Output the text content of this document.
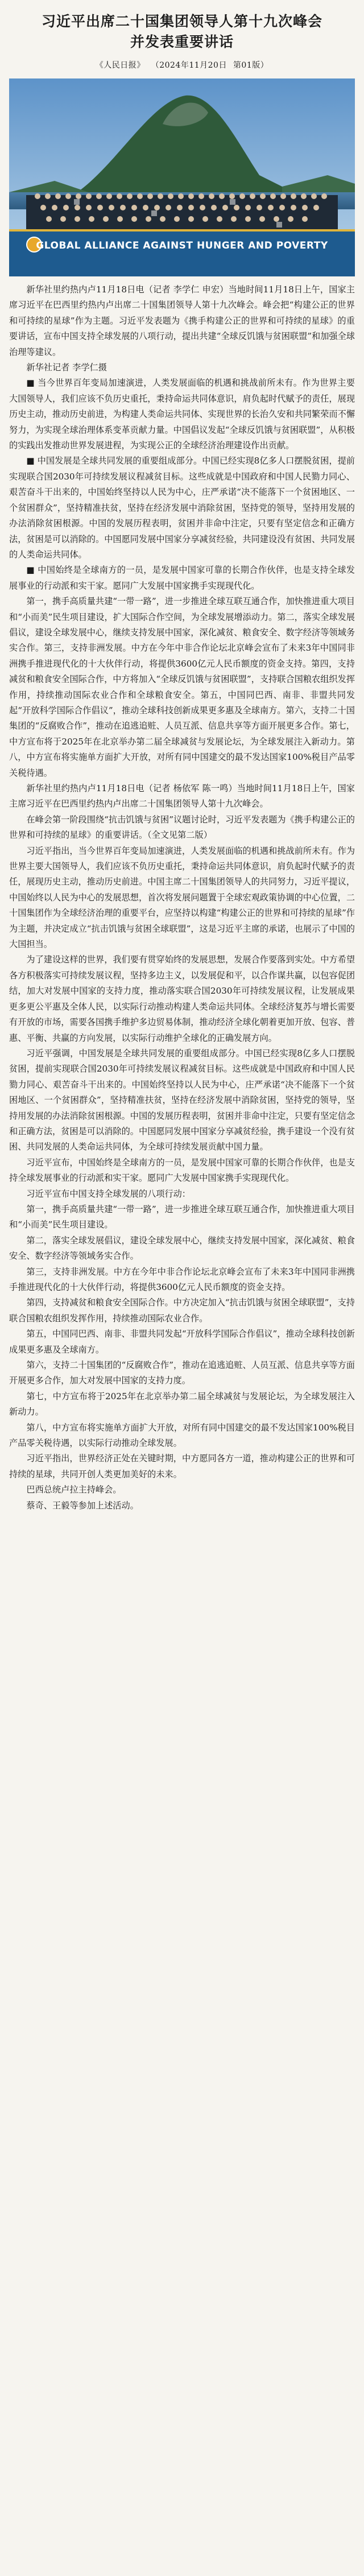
习近平出席二十国集团领导人第十九次峰会
并发表重要讲话
《人民日报》 （2024年11月20日 第01版）
GLOBAL ALLIANCE AGAINST HUNGER AND POVERTY

新华社里约热内卢11月18日电（记者 李学仁 申宏）当地时间11月18日上午，国家主席习近平在巴西里约热内卢出席二十国集团领导人第十九次峰会。峰会把“构建公正的世界和可持续的星球”作为主题。习近平发表题为《携手构建公正的世界和可持续的星球》的重要讲话，宣布中国支持全球发展的八项行动，提出共建“全球反饥饿与贫困联盟”和加强全球治理等建议。

新华社记者 李学仁摄

■ 当今世界百年变局加速演进，人类发展面临的机遇和挑战前所未有。作为世界主要大国领导人，我们应该不负历史重托，秉持命运共同体意识，肩负起时代赋予的责任，展现历史主动，推动历史前进，为构建人类命运共同体、实现世界的长治久安和共同繁荣而不懈努力，为实现全球治理体系变革贡献力量。中国倡议发起“全球反饥饿与贫困联盟”，从积极的实践出发推动世界发展进程，为实现公正的全球经济治理建设作出贡献。

■ 中国发展是全球共同发展的重要组成部分。中国已经实现8亿多人口摆脱贫困，提前实现联合国2030年可持续发展议程减贫目标。这些成就是中国政府和中国人民勠力同心、艰苦奋斗干出来的，中国始终坚持以人民为中心，庄严承诺“决不能落下一个贫困地区、一个贫困群众”，坚持精准扶贫，坚持在经济发展中消除贫困，坚持党的领导，坚持用发展的办法消除贫困根源。中国的发展历程表明，贫困并非命中注定，只要有坚定信念和正确方法，贫困是可以消除的。中国愿同发展中国家分享减贫经验，共同建设没有贫困、共同发展的人类命运共同体。

■ 中国始终是全球南方的一员，是发展中国家可靠的长期合作伙伴，也是支持全球发展事业的行动派和实干家。愿同广大发展中国家携手实现现代化。

第一，携手高质量共建“一带一路”，进一步推进全球互联互通合作，加快推进重大项目和“小而美”民生项目建设，扩大国际合作空间，为全球发展增添动力。第二，落实全球发展倡议，建设全球发展中心，继续支持发展中国家，深化减贫、粮食安全、数字经济等领域务实合作。第三，支持非洲发展。中方在今年中非合作论坛北京峰会宣布了未来3年中国同非洲携手推进现代化的十大伙伴行动，将提供3600亿元人民币额度的资金支持。第四，支持减贫和粮食安全国际合作，中方将加入“全球反饥饿与贫困联盟”，支持联合国粮农组织发挥作用，持续推动国际农业合作和全球粮食安全。第五，中国同巴西、南非、非盟共同发起“开放科学国际合作倡议”，推动全球科技创新成果更多惠及全球南方。第六，支持二十国集团的“反腐败合作”，推动在追逃追赃、人员互派、信息共享等方面开展更多合作。第七，中方宣布将于2025年在北京举办第二届全球减贫与发展论坛，为全球发展注入新动力。第八，中方宣布将实施单方面扩大开放，对所有同中国建交的最不发达国家100%税目产品零关税待遇。

新华社里约热内卢11月18日电（记者 杨依军 陈一鸣）当地时间11月18日上午，国家主席习近平在巴西里约热内卢出席二十国集团领导人第十九次峰会。

在峰会第一阶段围绕“抗击饥饿与贫困”议题讨论时，习近平发表题为《携手构建公正的世界和可持续的星球》的重要讲话。（全文见第二版）

习近平指出，当今世界百年变局加速演进，人类发展面临的机遇和挑战前所未有。作为世界主要大国领导人，我们应该不负历史重托，秉持命运共同体意识，肩负起时代赋予的责任，展现历史主动，推动历史前进。中国主席二十国集团领导人的共同努力，习近平提议，中国始终以人民为中心的发展思想，首次将发展问题置于全球宏观政策协调的中心位置，二十国集团作为全球经济治理的重要平台，应坚持以构建“构建公正的世界和可持续的星球”作为主题，并决定成立“抗击饥饿与贫困全球联盟”，这是习近平主席的承诺，也展示了中国的大国担当。

为了建设这样的世界，我们要有贯穿始终的发展思想，发展合作要落到实处。中方希望各方积极落实可持续发展议程，坚持多边主义，以发展促和平，以合作谋共赢，以包容促团结，加大对发展中国家的支持力度，推动落实联合国2030年可持续发展议程，让发展成果更多更公平惠及全体人民，以实际行动推动构建人类命运共同体。全球经济复苏与增长需要有开放的市场，需要各国携手维护多边贸易体制，推动经济全球化朝着更加开放、包容、普惠、平衡、共赢的方向发展，以实际行动维护全球化的正确发展方向。

习近平强调，中国发展是全球共同发展的重要组成部分。中国已经实现8亿多人口摆脱贫困，提前实现联合国2030年可持续发展议程减贫目标。这些成就是中国政府和中国人民勠力同心、艰苦奋斗干出来的。中国始终坚持以人民为中心，庄严承诺“决不能落下一个贫困地区、一个贫困群众”，坚持精准扶贫，坚持在经济发展中消除贫困，坚持党的领导，坚持用发展的办法消除贫困根源。中国的发展历程表明，贫困并非命中注定，只要有坚定信念和正确方法，贫困是可以消除的。中国愿同发展中国家分享减贫经验，携手建设一个没有贫困、共同发展的人类命运共同体，为全球可持续发展贡献中国力量。

习近平宣布，中国始终是全球南方的一员，是发展中国家可靠的长期合作伙伴，也是支持全球发展事业的行动派和实干家。愿同广大发展中国家携手实现现代化。

习近平宣布中国支持全球发展的八项行动：

第一，携手高质量共建“一带一路”，进一步推进全球互联互通合作，加快推进重大项目和“小而美”民生项目建设。

第二，落实全球发展倡议，建设全球发展中心，继续支持发展中国家，深化减贫、粮食安全、数字经济等领域务实合作。

第三，支持非洲发展。中方在今年中非合作论坛北京峰会宣布了未来3年中国同非洲携手推进现代化的十大伙伴行动，将提供3600亿元人民币额度的资金支持。

第四，支持减贫和粮食安全国际合作。中方决定加入“抗击饥饿与贫困全球联盟”，支持联合国粮农组织发挥作用，持续推动国际农业合作。

第五，中国同巴西、南非、非盟共同发起“开放科学国际合作倡议”，推动全球科技创新成果更多惠及全球南方。

第六，支持二十国集团的“反腐败合作”，推动在追逃追赃、人员互派、信息共享等方面开展更多合作，加大对发展中国家的支持力度。

第七，中方宣布将于2025年在北京举办第二届全球减贫与发展论坛，为全球发展注入新动力。

第八，中方宣布将实施单方面扩大开放，对所有同中国建交的最不发达国家100%税目产品零关税待遇，以实际行动推动全球发展。

习近平指出，世界经济正处在关键时期，中方愿同各方一道，推动构建公正的世界和可持续的星球，共同开创人类更加美好的未来。

巴西总统卢拉主持峰会。

蔡奇、王毅等参加上述活动。
